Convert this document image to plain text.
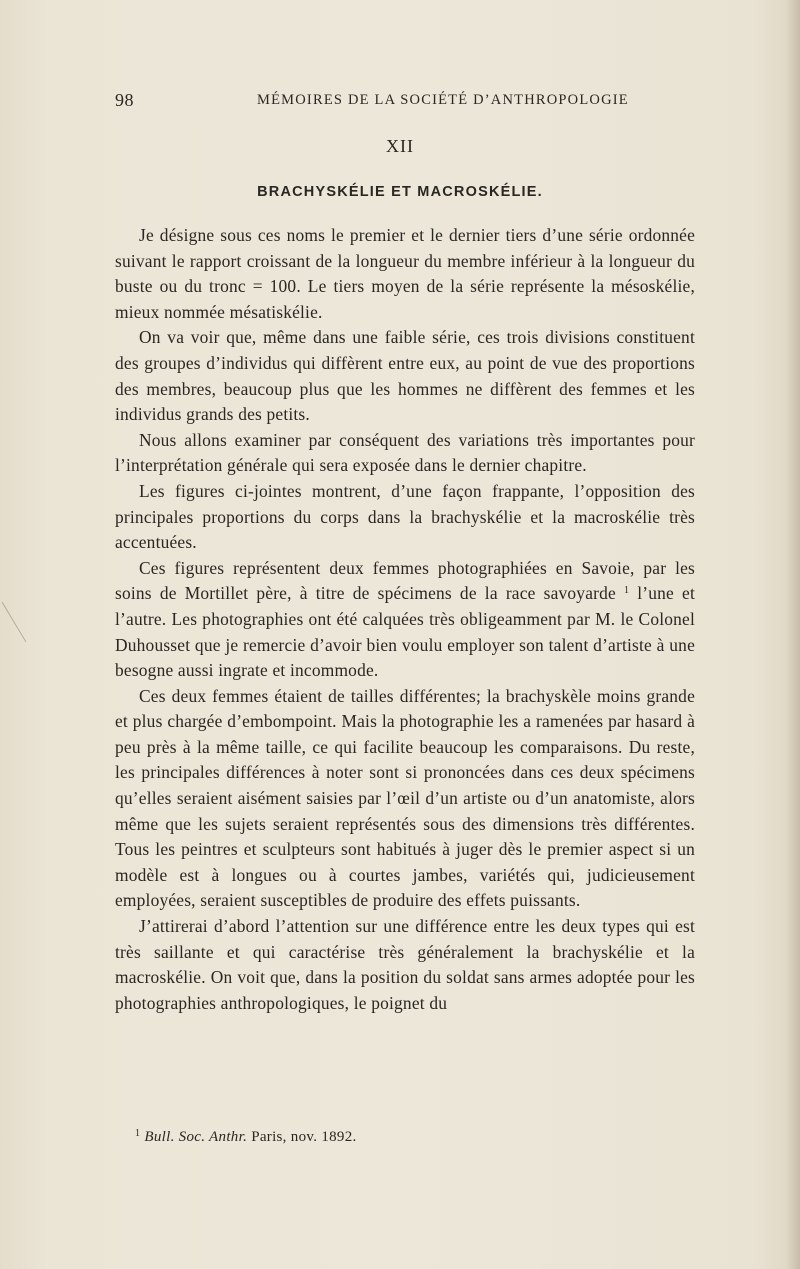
98	MÉMOIRES DE LA SOCIÉTÉ D’ANTHROPOLOGIE
XII
BRACHYSKÉLIE ET MACROSKÉLIE.

Je désigne sous ces noms le premier et le dernier tiers d’une série ordonnée suivant le rapport croissant de la longueur du membre inférieur à la longueur du buste ou du tronc = 100. Le tiers moyen de la série représente la mésoskélie, mieux nommée mésatiskélie.

On va voir que, même dans une faible série, ces trois divisions constituent des groupes d’individus qui diffèrent entre eux, au point de vue des proportions des membres, beaucoup plus que les hommes ne diffèrent des femmes et les individus grands des petits.

Nous allons examiner par conséquent des variations très importantes pour l’interprétation générale qui sera exposée dans le dernier chapitre.

Les figures ci-jointes montrent, d’une façon frappante, l’opposition des principales proportions du corps dans la brachyskélie et la macroskélie très accentuées.

Ces figures représentent deux femmes photographiées en Savoie, par les soins de Mortillet père, à titre de spécimens de la race savoyarde $^1$ l’une et l’autre. Les photographies ont été calquées très obligeamment par M. le Colonel Duhousset que je remercie d’avoir bien voulu employer son talent d’artiste à une besogne aussi ingrate et incommode.

Ces deux femmes étaient de tailles différentes; la brachyskèle moins grande et plus chargée d’embompoint. Mais la photographie les a ramenées par hasard à peu près à la même taille, ce qui facilite beaucoup les comparaisons. Du reste, les principales différences à noter sont si prononcées dans ces deux spécimens qu’elles seraient aisément saisies par l’œil d’un artiste ou d’un anatomiste, alors même que les sujets seraient représentés sous des dimensions très différentes. Tous les peintres et sculpteurs sont habitués à juger dès le premier aspect si un modèle est à longues ou à courtes jambes, variétés qui, judicieusement employées, seraient susceptibles de produire des effets puissants.

J’attirerai d’abord l’attention sur une différence entre les deux types qui est très saillante et qui caractérise très généralement la brachyskélie et la macroskélie. On voit que, dans la position du soldat sans armes adoptée pour les photographies anthropologiques, le poignet du

$^1$ Bull. Soc. Anthr. Paris, nov. 1892.
